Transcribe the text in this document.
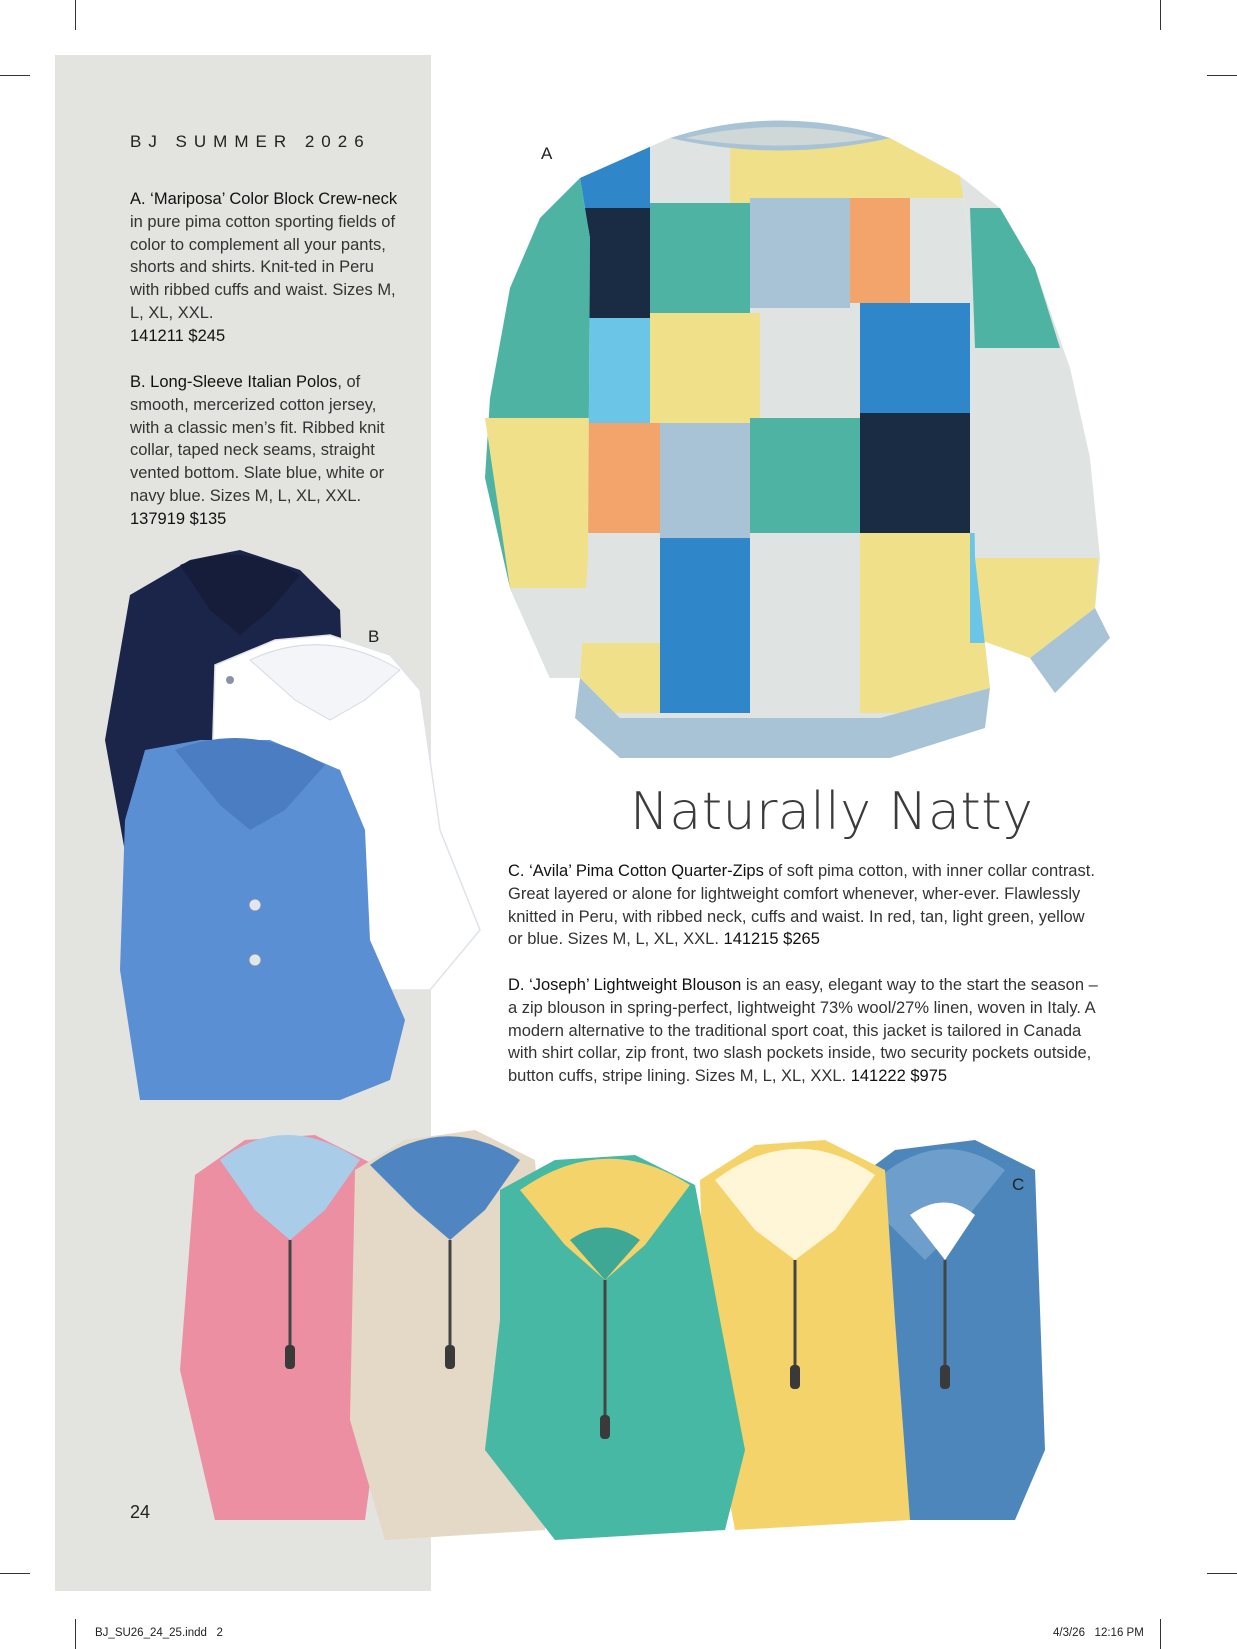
BJ SUMMER 2026
A. ‘Mariposa’ Color Block Crew-neck in pure pima cotton sporting fields of color to complement all your pants, shorts and shirts. Knit-ted in Peru with ribbed cuffs and waist. Sizes M, L, XL, XXL.
141211 $245
B. Long-Sleeve Italian Polos, of smooth, mercerized cotton jersey, with a classic men’s fit. Ribbed knit collar, taped neck seams, straight vented bottom. Slate blue, white or navy blue. Sizes M, L, XL, XXL.
137919 $135
A
B
Naturally Natty
C. ‘Avila’ Pima Cotton Quarter-Zips of soft pima cotton, with inner collar contrast. Great layered or alone for lightweight comfort whenever, wher-ever. Flawlessly knitted in Peru, with ribbed neck, cuffs and waist. In red, tan, light green, yellow or blue. Sizes M, L, XL, XXL. 141215 $265
D. ‘Joseph’ Lightweight Blouson is an easy, elegant way to the start the season – a zip blouson in spring-perfect, lightweight 73% wool/27% linen, woven in Italy. A modern alternative to the traditional sport coat, this jacket is tailored in Canada with shirt collar, zip front, two slash pockets inside, two security pockets outside, button cuffs, stripe lining. Sizes M, L, XL, XXL. 141222 $975
C
24
BJ_SU26_24_25.indd   2	4/3/26   12:16 PM
